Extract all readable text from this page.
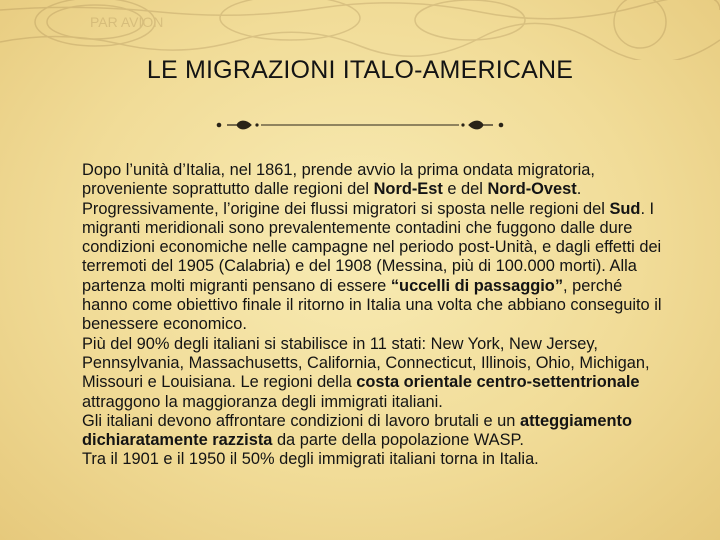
PAR AVION
LE MIGRAZIONI ITALO-AMERICANE

Dopo l’unità d’Italia, nel 1861, prende avvio la prima ondata migratoria, proveniente soprattutto dalle regioni del Nord-Est e del Nord-Ovest. Progressivamente, l’origine dei flussi migratori si sposta nelle regioni del Sud. I migranti meridionali sono prevalentemente contadini che fuggono dalle dure condizioni economiche nelle campagne nel periodo post-Unità, e dagli effetti dei terremoti del 1905 (Calabria) e del 1908 (Messina, più di 100.000 morti). Alla partenza molti migranti pensano di essere “uccelli di passaggio”, perché hanno come obiettivo finale il ritorno in Italia una volta che abbiano conseguito il benessere economico.

Più del 90% degli italiani si stabilisce in 11 stati: New York, New Jersey, Pennsylvania, Massachusetts, California, Connecticut, Illinois, Ohio, Michigan, Missouri e Louisiana. Le regioni della costa orientale centro-settentrionale attraggono la maggioranza degli immigrati italiani.

Gli italiani devono affrontare condizioni di lavoro brutali e un atteggiamento dichiaratamente razzista da parte della popolazione WASP.

Tra il 1901 e il 1950 il 50% degli immigrati italiani torna in Italia.
